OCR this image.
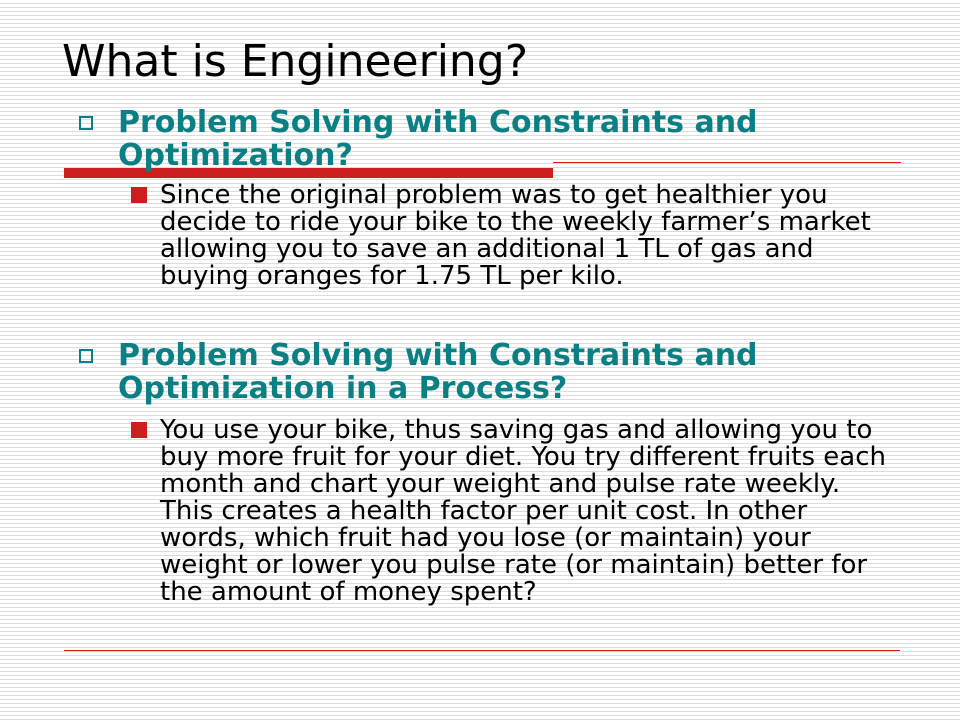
What is Engineering?
Problem Solving with Constraints and Optimization?
Since the original problem was to get healthier you decide to ride your bike to the weekly farmer’s market allowing you to save an additional 1 TL of gas and buying oranges for 1.75 TL per kilo.
Problem Solving with Constraints and Optimization in a Process?
You use your bike, thus saving gas and allowing you to buy more fruit for your diet. You try different fruits each month and chart your weight and pulse rate weekly. This creates a health factor per unit cost. In other words, which fruit had you lose (or maintain) your weight or lower you pulse rate (or maintain) better for the amount of money spent?
